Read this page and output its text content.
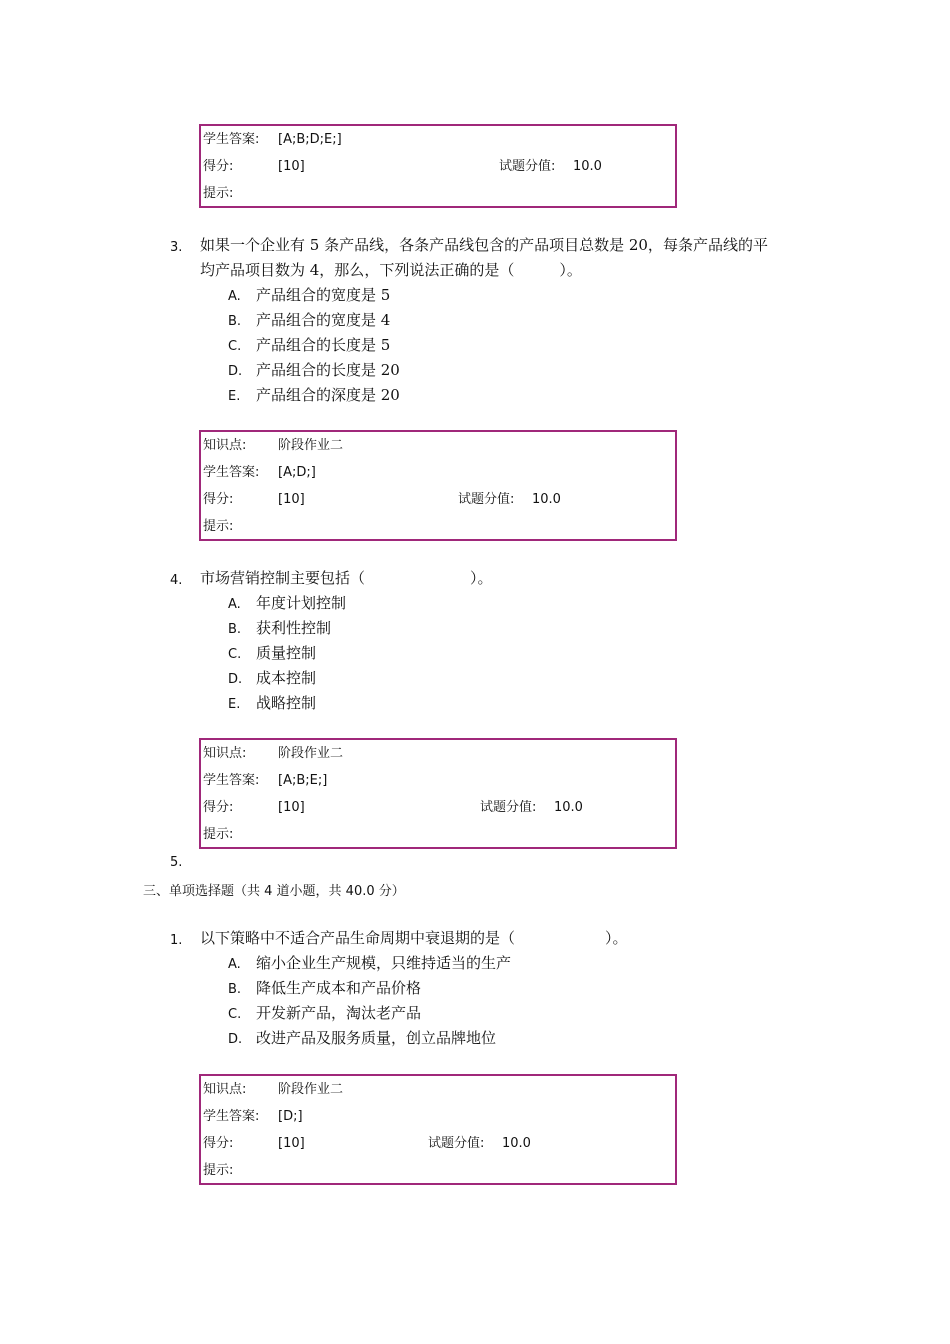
学生答案: [A;B;D;E;]
得分:	[10]	试题分值: 10.0
提示:
3. 如果一个企业有 5 条产品线，各条产品线包含的产品项目总数是 20，每条产品线的平
均产品项目数为 4，那么，下列说法正确的是（　　　）。
A. 产品组合的宽度是 5
B. 产品组合的宽度是 4
C. 产品组合的长度是 5
D. 产品组合的长度是 20
E. 产品组合的深度是 20
知识点: 阶段作业二
学生答案: [A;D;]
得分:	[10]	试题分值: 10.0
提示:
4. 市场营销控制主要包括（　　　　　　　）。
A. 年度计划控制
B. 获利性控制
C. 质量控制
D. 成本控制
E. 战略控制
知识点: 阶段作业二
学生答案: [A;B;E;]
得分:	[10]	试题分值: 10.0
提示:
5.
三、单项选择题（共 4 道小题，共 40.0 分）
1. 以下策略中不适合产品生命周期中衰退期的是（　　　　　　）。
A. 缩小企业生产规模，只维持适当的生产
B. 降低生产成本和产品价格
C. 开发新产品，淘汰老产品
D. 改进产品及服务质量，创立品牌地位
知识点: 阶段作业二
学生答案: [D;]
得分:	[10]	试题分值: 10.0
提示:
